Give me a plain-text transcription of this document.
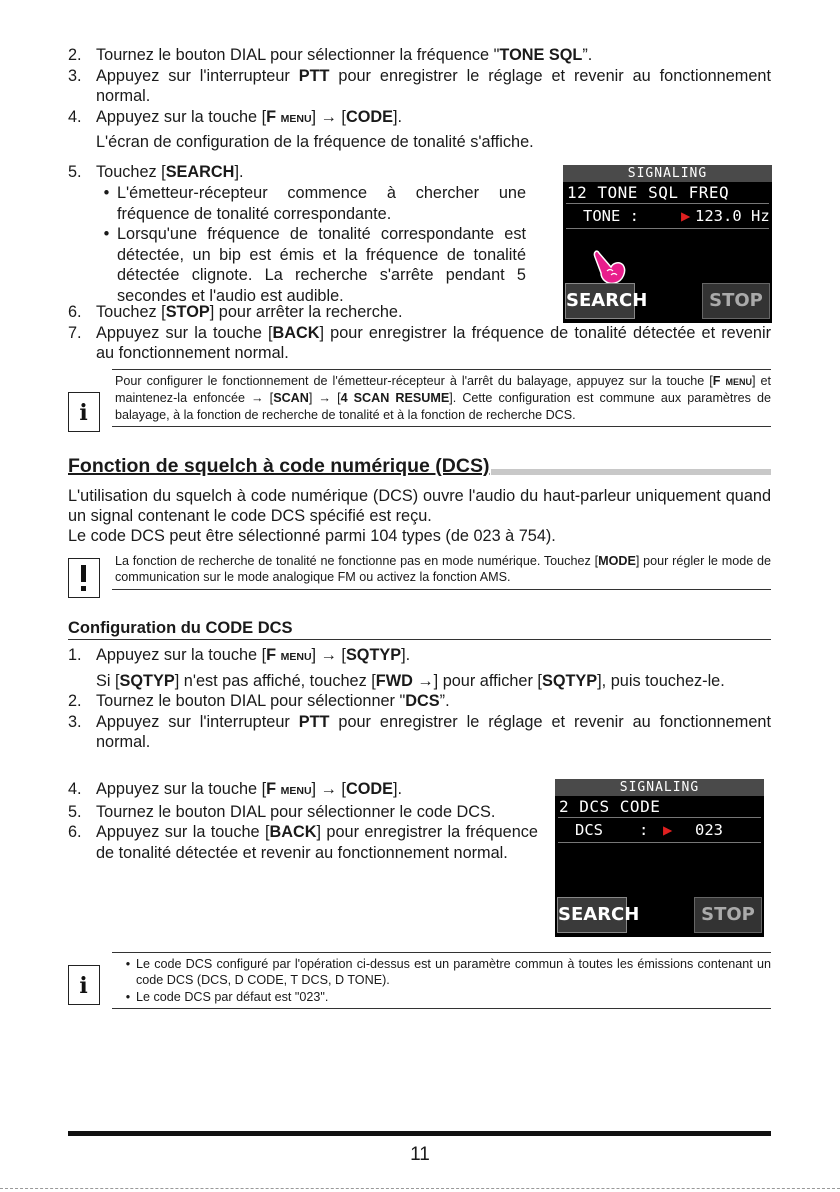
2. Tournez le bouton DIAL pour sélectionner la fréquence "TONE SQL”.
3. Appuyez sur l'interrupteur PTT pour enregistrer le réglage et revenir au fonctionnement normal.
4. Appuyez sur la touche [F MENU] → [CODE].
L'écran de configuration de la fréquence de tonalité s'affiche.
5. Touchez [SEARCH].
• L'émetteur-récepteur commence à chercher une fréquence de tonalité correspondante.
• Lorsqu'une fréquence de tonalité correspondante est détectée, un bip est émis et la fréquence de tonalité détectée clignote. La recherche s'arrête pendant 5 secondes et l'audio est audible.
6. Touchez [STOP] pour arrêter la recherche.
7. Appuyez sur la touche [BACK] pour enregistrer la fréquence de tonalité détectée et revenir au fonctionnement normal.
i
Pour configurer le fonctionnement de l'émetteur-récepteur à l'arrêt du balayage, appuyez sur la touche [F MENU] et maintenez-la enfoncée → [SCAN] → [4 SCAN RESUME]. Cette configuration est commune aux paramètres de balayage, à la fonction de recherche de tonalité et à la fonction de recherche DCS.
Fonction de squelch à code numérique (DCS)
L'utilisation du squelch à code numérique (DCS) ouvre l'audio du haut-parleur uniquement quand un signal contenant le code DCS spécifié est reçu.
Le code DCS peut être sélectionné parmi 104 types (de 023 à 754).
La fonction de recherche de tonalité ne fonctionne pas en mode numérique. Touchez [MODE] pour régler le mode de communication sur le mode analogique FM ou activez la fonction AMS.
Configuration du CODE DCS
1. Appuyez sur la touche [F MENU] → [SQTYP].
Si [SQTYP] n'est pas affiché, touchez [FWD →] pour afficher [SQTYP], puis touchez-le.
2. Tournez le bouton DIAL pour sélectionner "DCS”.
3. Appuyez sur l'interrupteur PTT pour enregistrer le réglage et revenir au fonctionnement normal.
4. Appuyez sur la touche [F MENU] → [CODE].
5. Tournez le bouton DIAL pour sélectionner le code DCS.
6. Appuyez sur la touche [BACK] pour enregistrer la fréquence de tonalité détectée et revenir au fonctionnement normal.
i
• Le code DCS configuré par l'opération ci-dessus est un paramètre commun à toutes les émissions contenant un code DCS (DCS, D CODE, T DCS, D TONE).
• Le code DCS par défaut est "023".
SIGNALING
12 TONE SQL FREQ
TONE :	▶ 123.0 Hz
SEARCH	STOP
SIGNALING
2 DCS CODE
DCS : ▶ 023
SEARCH	STOP
11
